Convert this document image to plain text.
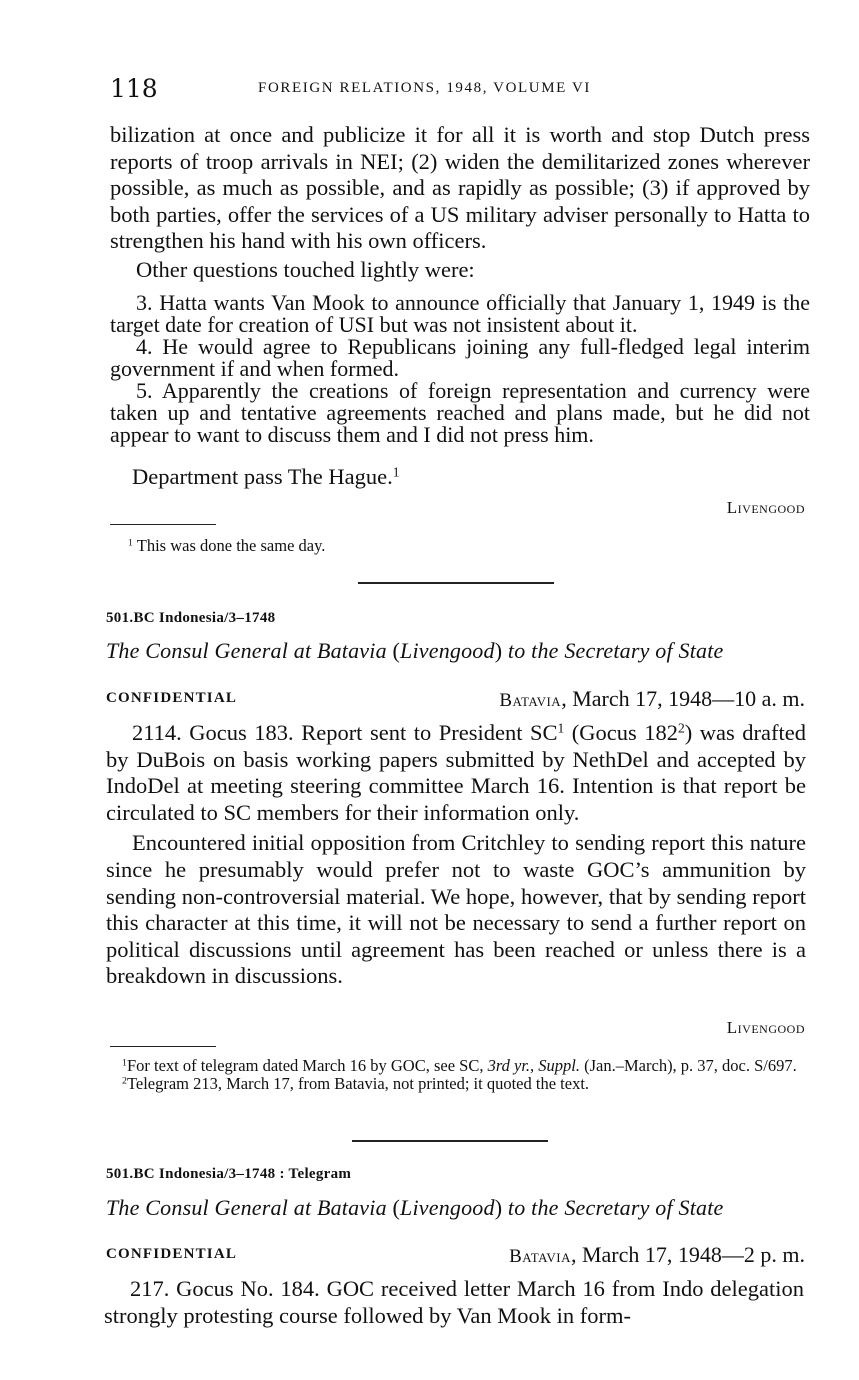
118	FOREIGN RELATIONS, 1948, VOLUME VI

bilization at once and publicize it for all it is worth and stop Dutch press reports of troop arrivals in NEI; (2) widen the demilitarized zones wherever possible, as much as possible, and as rapidly as possible; (3) if approved by both parties, offer the services of a US military adviser personally to Hatta to strengthen his hand with his own officers.

Other questions touched lightly were:

3. Hatta wants Van Mook to announce officially that January 1, 1949 is the target date for creation of USI but was not insistent about it.

4. He would agree to Republicans joining any full-fledged legal interim government if and when formed.

5. Apparently the creations of foreign representation and currency were taken up and tentative agreements reached and plans made, but he did not appear to want to discuss them and I did not press him.

Department pass The Hague.$^1$
Livengood
$^1$ This was done the same day.
501.BC Indonesia/3–1748
The Consul General at Batavia (Livengood) to the Secretary of State
CONFIDENTIAL	Batavia, March 17, 1948—10 a. m.

2114. Gocus 183. Report sent to President $SC^1$ (Gocus $182^2$) was drafted by DuBois on basis working papers submitted by NethDel and accepted by IndoDel at meeting steering committee March 16. Intention is that report be circulated to SC members for their information only.

Encountered initial opposition from Critchley to sending report this nature since he presumably would prefer not to waste GOC’s ammunition by sending non-controversial material. We hope, however, that by sending report this character at this time, it will not be necessary to send a further report on political discussions until agreement has been reached or unless there is a breakdown in discussions.

Livengood

$^1$For text of telegram dated March 16 by GOC, see SC, 3rd yr., Suppl. (Jan.–March), p. 37, doc. S/697.

$^2$Telegram 213, March 17, from Batavia, not printed; it quoted the text.

501.BC Indonesia/3–1748 : Telegram
The Consul General at Batavia (Livengood) to the Secretary of State
CONFIDENTIAL	Batavia, March 17, 1948—2 p. m.

217. Gocus No. 184. GOC received letter March 16 from Indo delegation strongly protesting course followed by Van Mook in form-
